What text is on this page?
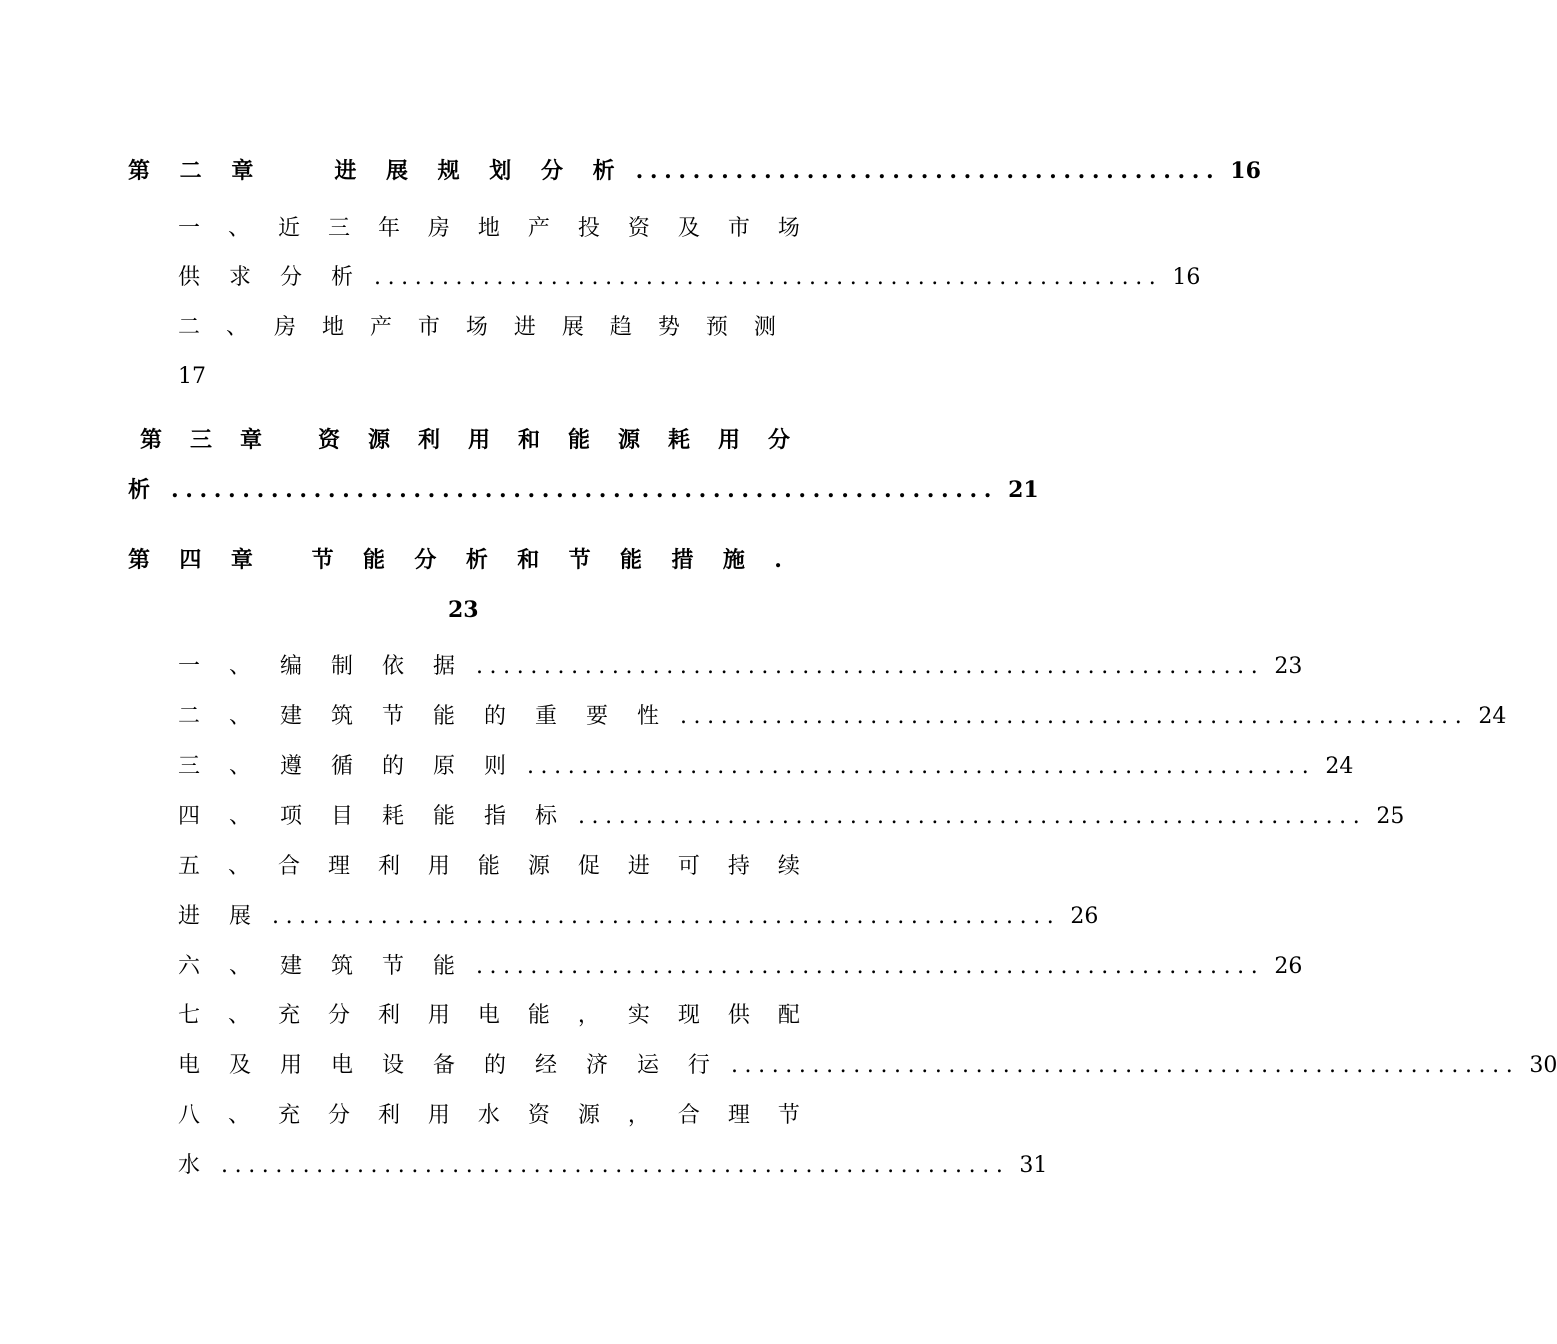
第 二 章	进 展 规 划 分 析 ......................................... 16
一 、 近 三 年 房 地 产 投 资 及 市 场
供 求 分 析 .......................................................... 16
二 、 房 地 产 市 场 进 展 趋 势 预 测
17
第 三 章	资 源 利 用 和 能 源 耗 用 分
析 .......................................................... 21
第 四 章	节 能 分 析 和 节 能 措 施 .
23
一 、 编 制 依 据 .......................................................... 23
二 、 建 筑 节 能 的 重 要 性 .......................................................... 24
三 、 遵 循 的 原 则 .......................................................... 24
四 、 项 目 耗 能 指 标 .......................................................... 25
五 、 合 理 利 用 能 源 促 进 可 持 续
进 展 .......................................................... 26
六 、 建 筑 节 能 .......................................................... 26
七 、 充 分 利 用 电 能 ， 实 现 供 配
电 及 用 电 设 备 的 经 济 运 行 .......................................................... 30
八 、 充 分 利 用 水 资 源 ， 合 理 节
水 .......................................................... 31
